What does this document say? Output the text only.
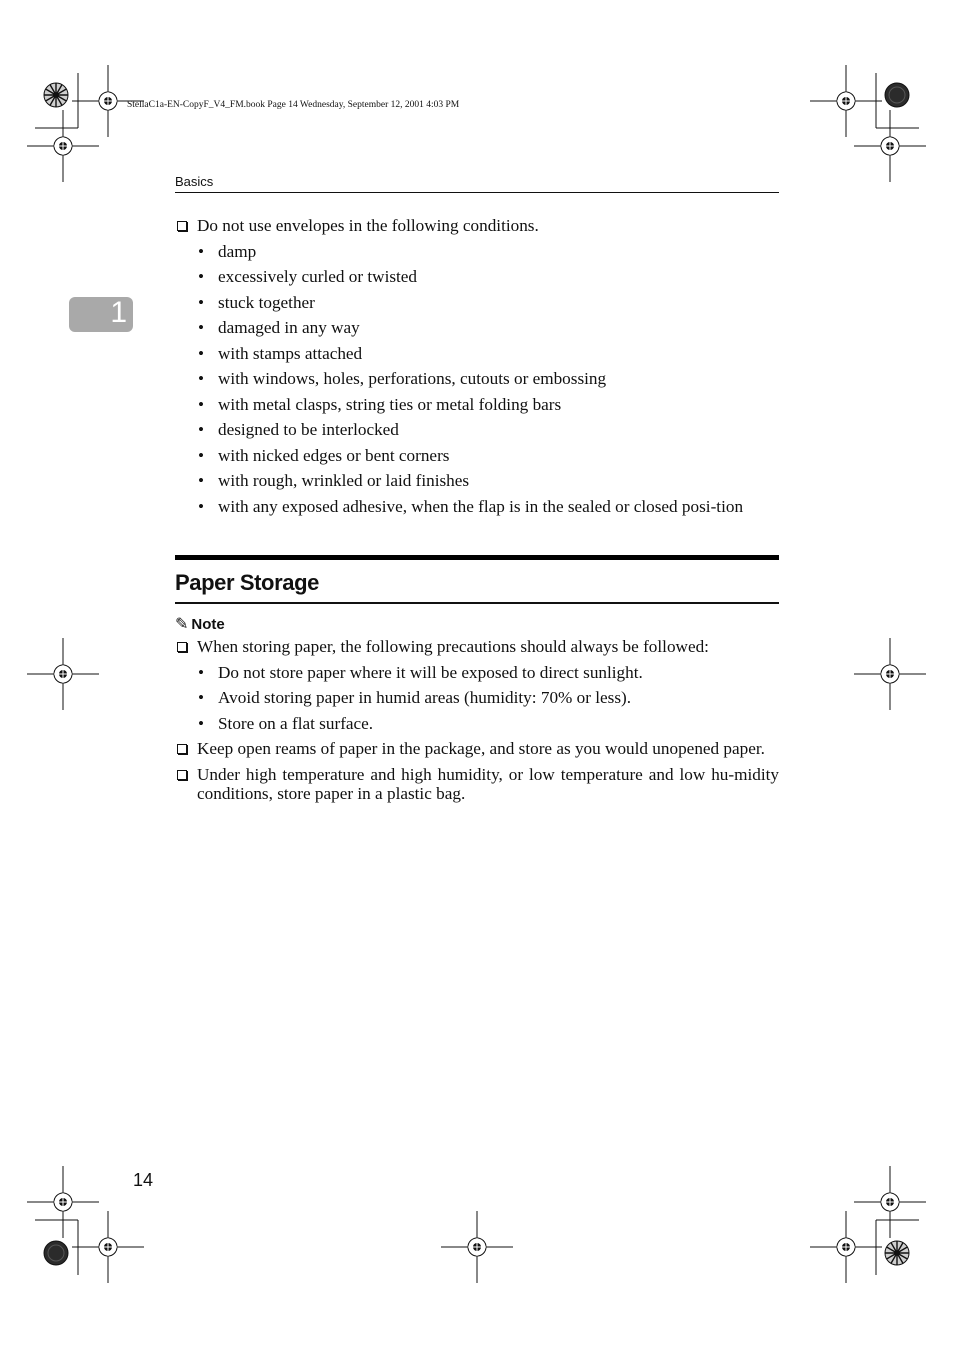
StellaC1a-EN-CopyF_V4_FM.book Page 14 Wednesday, September 12, 2001 4:03 PM
Basics
1
Do not use envelopes in the following conditions.
• damp
• excessively curled or twisted
• stuck together
• damaged in any way
• with stamps attached
• with windows, holes, perforations, cutouts or embossing
• with metal clasps, string ties or metal folding bars
• designed to be interlocked
• with nicked edges or bent corners
• with rough, wrinkled or laid finishes
• with any exposed adhesive, when the flap is in the sealed or closed posi-tion
Paper Storage
✎ Note
When storing paper, the following precautions should always be followed:
• Do not store paper where it will be exposed to direct sunlight.
• Avoid storing paper in humid areas (humidity: 70% or less).
• Store on a flat surface.
Keep open reams of paper in the package, and store as you would unopened paper.
Under high temperature and high humidity, or low temperature and low hu-midity conditions, store paper in a plastic bag.
14
